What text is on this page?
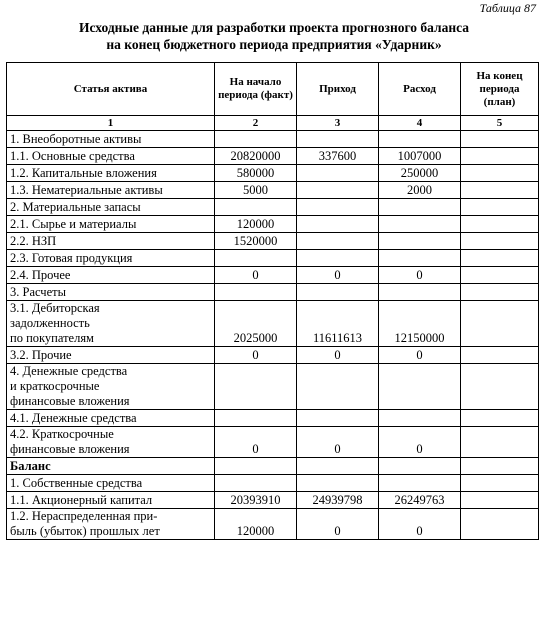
Таблица 87
Исходные данные для разработки проекта прогнозного баланса
на конец бюджетного периода предприятия «Ударник»
Статья актива	На начало периода (факт)	Приход	Расход	На конец периода (план)
1	2	3	4	5
1. Внеоборотные активы				
1.1. Основные средства	20820000	337600	1007000	
1.2. Капитальные вложения	580000		250000	
1.3. Нематериальные активы	5000		2000	
2. Материальные запасы				
2.1. Сырье и материалы	120000			
2.2. НЗП	1520000			
2.3. Готовая продукция				
2.4. Прочее	0	0	0	
3. Расчеты				
3.1. Дебиторская
задолженность
по покупателям	2025000	11611613	12150000	
3.2. Прочие	0	0	0	
4. Денежные средства
и краткосрочные
финансовые вложения				
4.1. Денежные средства				
4.2. Краткосрочные
финансовые вложения	0	0	0	
Баланс				
1. Собственные средства				
1.1. Акционерный капитал	20393910	24939798	26249763	
1.2. Нераспределенная при-
быль (убыток) прошлых лет	120000	0	0	
